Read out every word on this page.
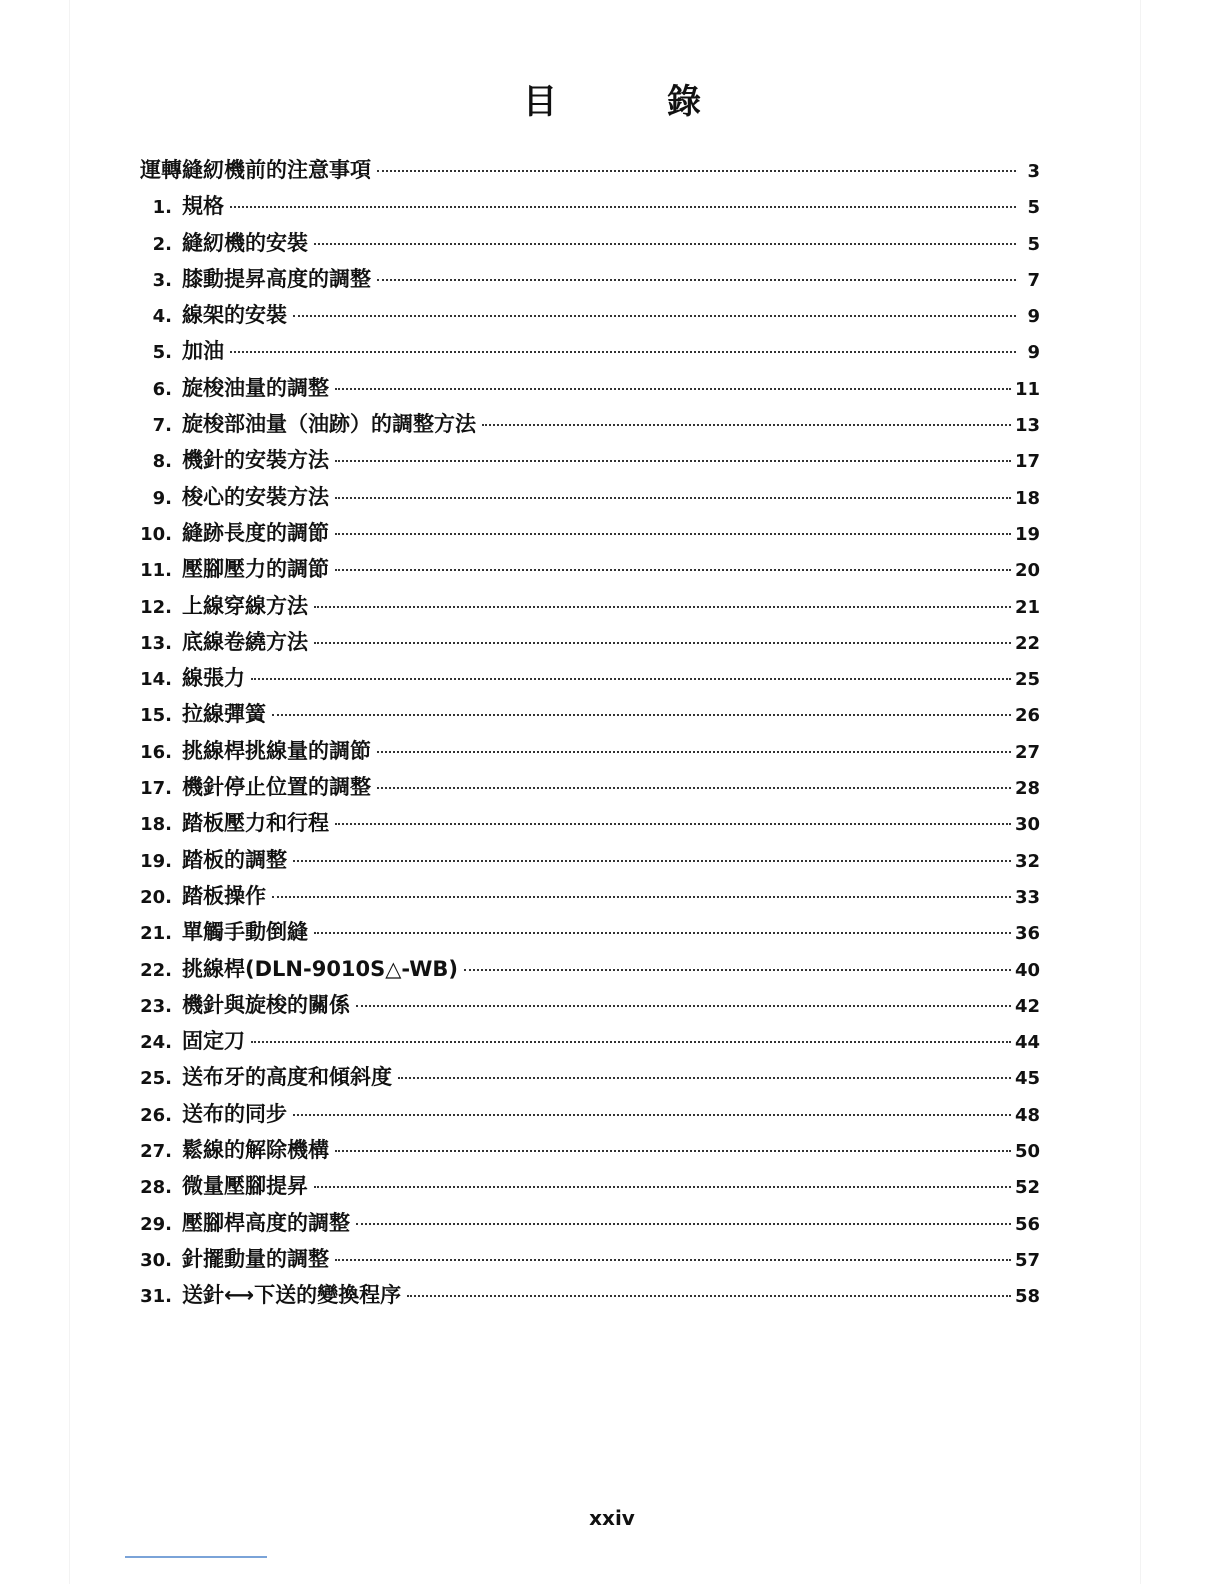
目　錄
運轉縫紉機前的注意事項	3
1. 規格	5
2. 縫紉機的安裝	5
3. 膝動提昇高度的調整	7
4. 線架的安裝	9
5. 加油	9
6. 旋梭油量的調整	11
7. 旋梭部油量（油跡）的調整方法	13
8. 機針的安裝方法	17
9. 梭心的安裝方法	18
10. 縫跡長度的調節	19
11. 壓腳壓力的調節	20
12. 上線穿線方法	21
13. 底線卷繞方法	22
14. 線張力	25
15. 拉線彈簧	26
16. 挑線桿挑線量的調節	27
17. 機針停止位置的調整	28
18. 踏板壓力和行程	30
19. 踏板的調整	32
20. 踏板操作	33
21. 單觸手動倒縫	36
22. 挑線桿(DLN-9010S△-WB)	40
23. 機針與旋梭的關係	42
24. 固定刀	44
25. 送布牙的高度和傾斜度	45
26. 送布的同步	48
27. 鬆線的解除機構	50
28. 微量壓腳提昇	52
29. 壓腳桿高度的調整	56
30. 針擺動量的調整	57
31. 送針⟷下送的變換程序	58
xxiv
